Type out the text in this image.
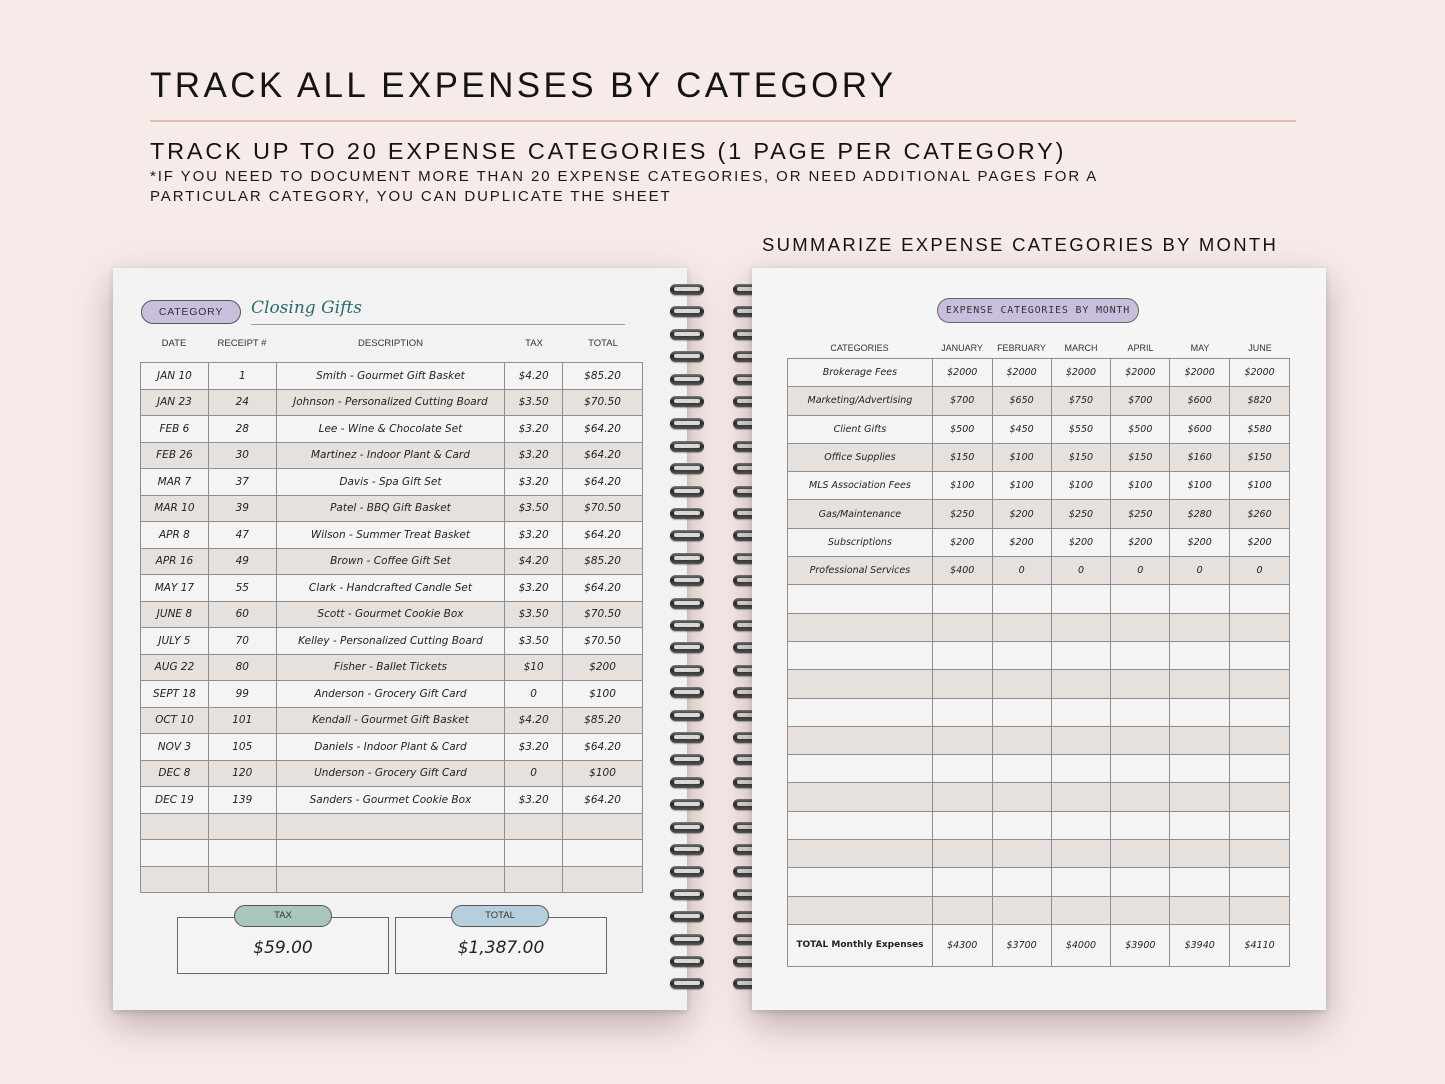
TRACK ALL EXPENSES BY CATEGORY
TRACK UP TO 20 EXPENSE CATEGORIES (1 PAGE PER CATEGORY)
*IF YOU NEED TO DOCUMENT MORE THAN 20 EXPENSE CATEGORIES, OR NEED ADDITIONAL PAGES FOR A PARTICULAR CATEGORY, YOU CAN DUPLICATE THE SHEET
SUMMARIZE EXPENSE CATEGORIES BY MONTH
CATEGORY	Closing Gifts
DATE	RECEIPT #	DESCRIPTION	TAX	TOTAL
JAN 10	1	Smith - Gourmet Gift Basket	$4.20	$85.20
JAN 23	24	Johnson - Personalized Cutting Board	$3.50	$70.50
FEB 6	28	Lee - Wine & Chocolate Set	$3.20	$64.20
FEB 26	30	Martinez - Indoor Plant & Card	$3.20	$64.20
MAR 7	37	Davis - Spa Gift Set	$3.20	$64.20
MAR 10	39	Patel - BBQ Gift Basket	$3.50	$70.50
APR 8	47	Wilson - Summer Treat Basket	$3.20	$64.20
APR 16	49	Brown - Coffee Gift Set	$4.20	$85.20
MAY 17	55	Clark - Handcrafted Candle Set	$3.20	$64.20
JUNE 8	60	Scott - Gourmet Cookie Box	$3.50	$70.50
JULY 5	70	Kelley - Personalized Cutting Board	$3.50	$70.50
AUG 22	80	Fisher - Ballet Tickets	$10	$200
SEPT 18	99	Anderson - Grocery Gift Card	0	$100
OCT 10	101	Kendall - Gourmet Gift Basket	$4.20	$85.20
NOV 3	105	Daniels - Indoor Plant & Card	$3.20	$64.20
DEC 8	120	Underson - Grocery Gift Card	0	$100
DEC 19	139	Sanders - Gourmet Cookie Box	$3.20	$64.20

$59.00
TAX
$1,387.00
TOTAL
EXPENSE CATEGORIES BY MONTH
CATEGORIES	JANUARY	FEBRUARY	MARCH	APRIL	MAY	JUNE
Brokerage Fees	$2000	$2000	$2000	$2000	$2000	$2000
Marketing/Advertising	$700	$650	$750	$700	$600	$820
Client Gifts	$500	$450	$550	$500	$600	$580
Office Supplies	$150	$100	$150	$150	$160	$150
MLS Association Fees	$100	$100	$100	$100	$100	$100
Gas/Maintenance	$250	$200	$250	$250	$280	$260
Subscriptions	$200	$200	$200	$200	$200	$200
Professional Services	$400	0	0	0	0	0

TOTAL Monthly Expenses	$4300	$3700	$4000	$3900	$3940	$4110
